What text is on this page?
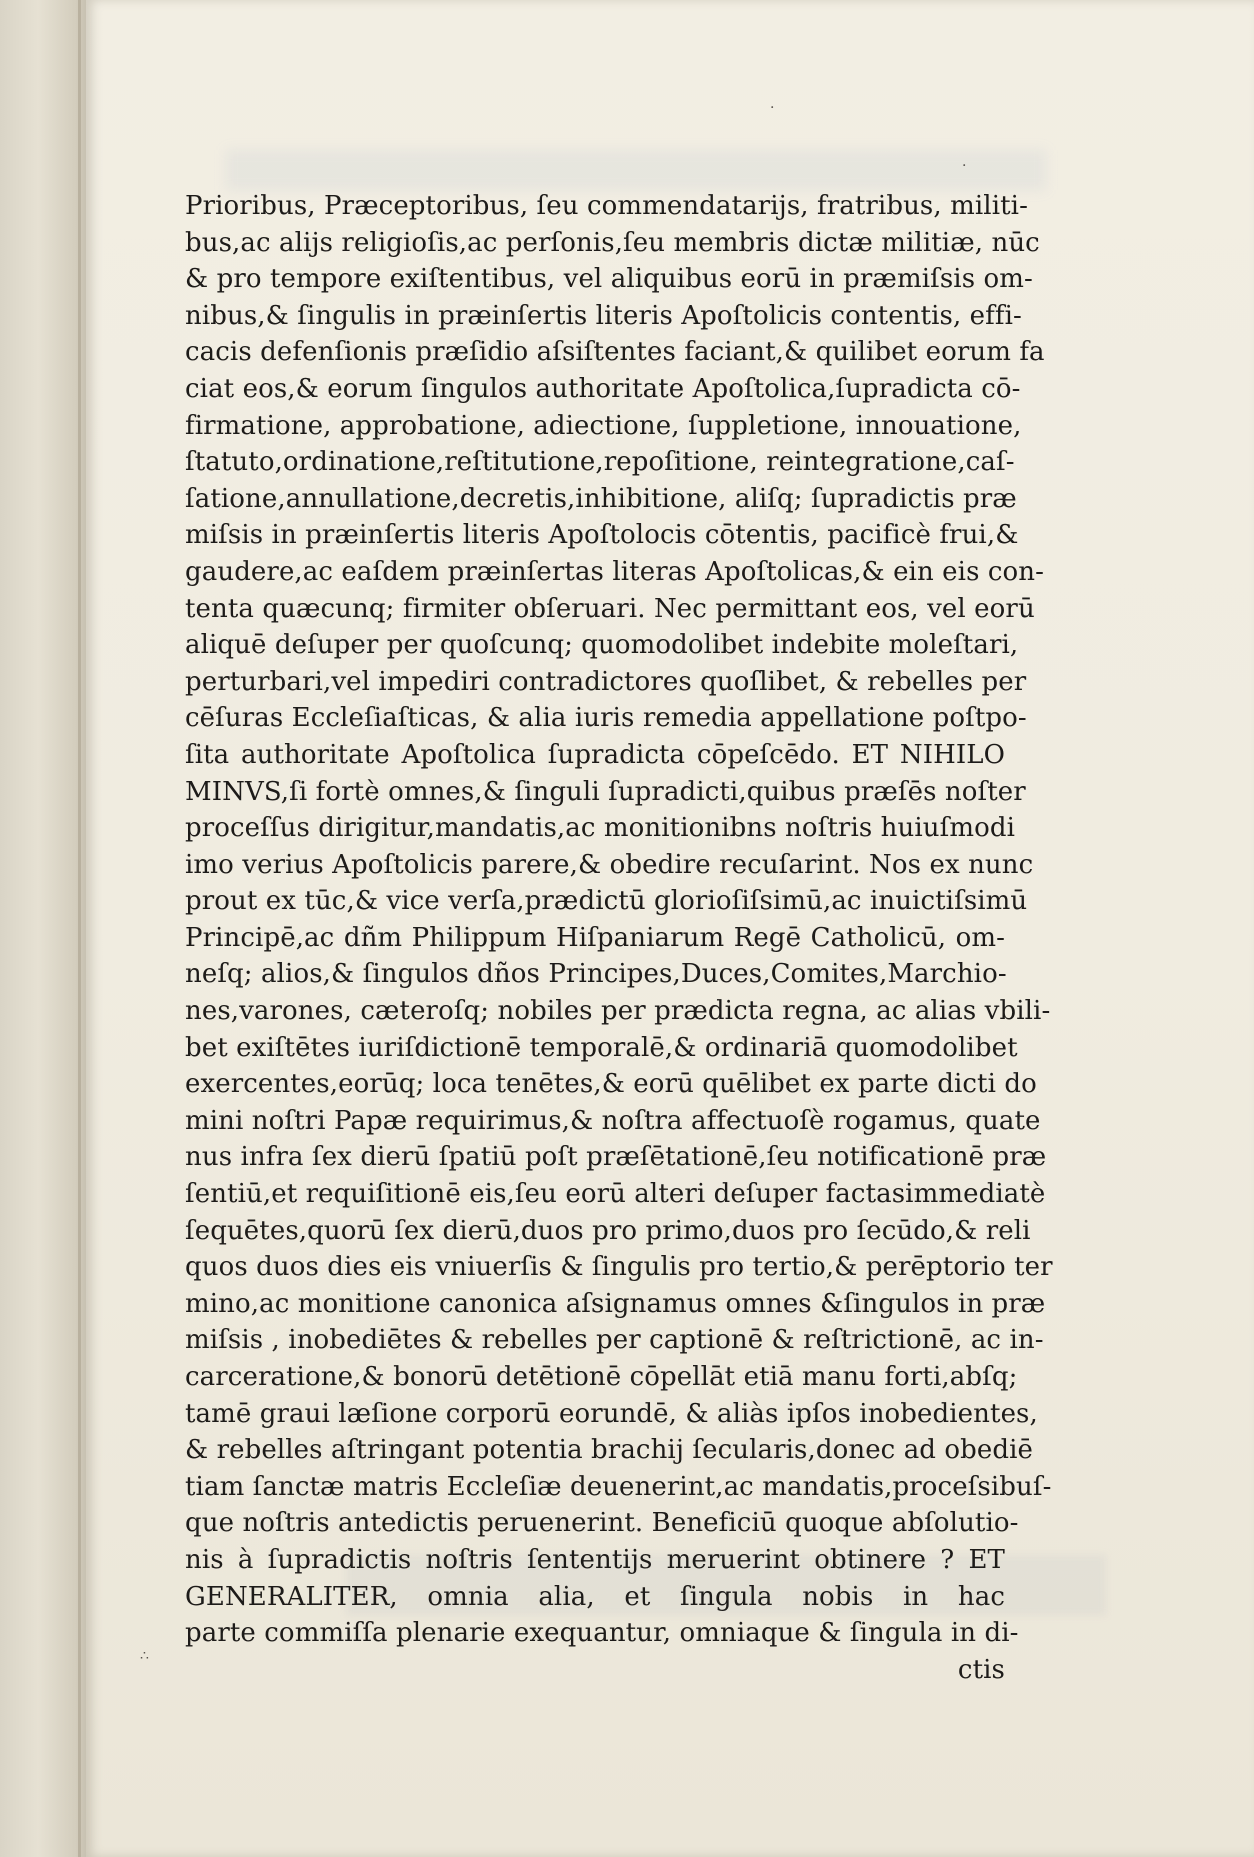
·
·
∴
Prioribus, Præceptoribus, ſeu commendatarijs, fratribus, militi-
bus,ac alijs religioſis,ac perſonis,ſeu membris dictæ militiæ, nūc
& pro tempore exiſtentibus, vel aliquibus eorū in præmiſsis om-
nibus,& ſingulis in præinſertis literis Apoſtolicis contentis, effi-
cacis defenſionis præſidio aſsiſtentes faciant,& quilibet eorum fa
ciat eos,& eorum ſingulos authoritate Apoſtolica,ſupradicta cō-
firmatione, approbatione, adiectione, ſuppletione, innouatione,
ſtatuto,ordinatione,reſtitutione,repoſitione, reintegratione,caſ-
ſatione,annullatione,decretis,inhibitione, aliſq; ſupradictis præ
miſsis in præinſertis literis Apoſtolocis cōtentis, pacificè frui,&
gaudere,ac eaſdem præinſertas literas Apoſtolicas,& ein eis con-
tenta quæcunq; firmiter obſeruari. Nec permittant eos, vel eorū
aliquē deſuper per quoſcunq; quomodolibet indebite moleſtari,
perturbari,vel impediri contradictores quoſlibet, & rebelles per
cēſuras Eccleſiaſticas, & alia iuris remedia appellatione poſtpo-
ſita authoritate Apoſtolica ſupradicta cōpeſcēdo. ET NIHILO
MINVS,ſi fortè omnes,& ſinguli ſupradicti,quibus præſēs noſter
proceſſus dirigitur,mandatis,ac monitionibns noſtris huiuſmodi
imo verius Apoſtolicis parere,& obedire recuſarint. Nos ex nunc
prout ex tūc,& vice verſa,prædictū glorioſiſsimū,ac inuictiſsimū
Principē,ac dñm Philippum Hiſpaniarum Regē Catholicū, om-
neſq; alios,& ſingulos dños Principes,Duces,Comites,Marchio-
nes,varones, cæteroſq; nobiles per prædicta regna, ac alias vbili-
bet exiſtētes iuriſdictionē temporalē,& ordinariā quomodolibet
exercentes,eorūq; loca tenētes,& eorū quēlibet ex parte dicti do
mini noſtri Papæ requirimus,& noſtra affectuoſè rogamus, quate
nus infra ſex dierū ſpatiū poſt præſētationē,ſeu notificationē præ
ſentiū,et requiſitionē eis,ſeu eorū alteri deſuper factasimmediatè
ſequētes,quorū ſex dierū,duos pro primo,duos pro ſecūdo,& reli
quos duos dies eis vniuerſis & ſingulis pro tertio,& perēptorio ter
mino,ac monitione canonica aſsignamus omnes &ſingulos in præ
miſsis , inobediētes & rebelles per captionē & reſtrictionē, ac in-
carceratione,& bonorū detētionē cōpellāt etiā manu forti,abſq;
tamē graui læſione corporū eorundē, & aliàs ipſos inobedientes,
& rebelles aſtringant potentia brachij ſecularis,donec ad obediē
tiam ſanctæ matris Eccleſiæ deuenerint,ac mandatis,proceſsibuſ-
que noſtris antedictis peruenerint. Beneficiū quoque abſolutio-
nis à ſupradictis noſtris ſententijs meruerint obtinere ? ET
GENERALITER, omnia alia, et ſingula nobis in hac
parte commiſſa plenarie exequantur, omniaque & ſingula in di-
ctis
